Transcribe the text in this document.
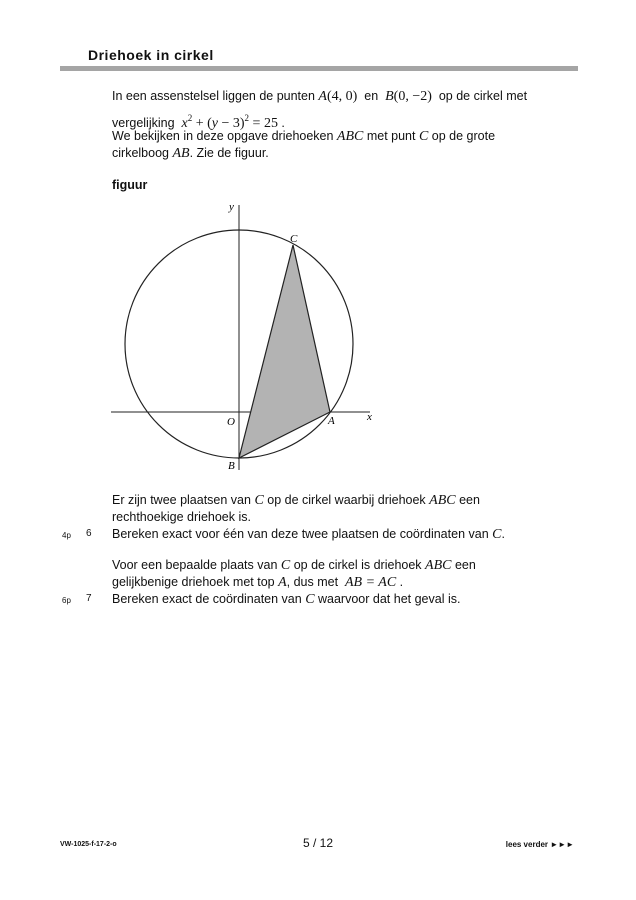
Driehoek in cirkel
In een assenstelsel liggen de punten A(4, 0)  en  B(0, −2)  op de cirkel met
vergelijking  $x^2 + (y - 3)^2 = 25$ .
We bekijken in deze opgave driehoeken ABC met punt C op de grote
cirkelboog AB. Zie de figuur.
figuur
y
x
C
O	A
B
Er zijn twee plaatsen van C op de cirkel waarbij driehoek ABC een
rechthoekige driehoek is.
4p 6 Bereken exact voor één van deze twee plaatsen de coördinaten van C.
Voor een bepaalde plaats van C op de cirkel is driehoek ABC een
gelijkbenige driehoek met top A, dus met  AB = AC .
6p 7 Bereken exact de coördinaten van C waarvoor dat het geval is.
VW-1025-f-17-2-o	5 / 12	lees verder ►►►
